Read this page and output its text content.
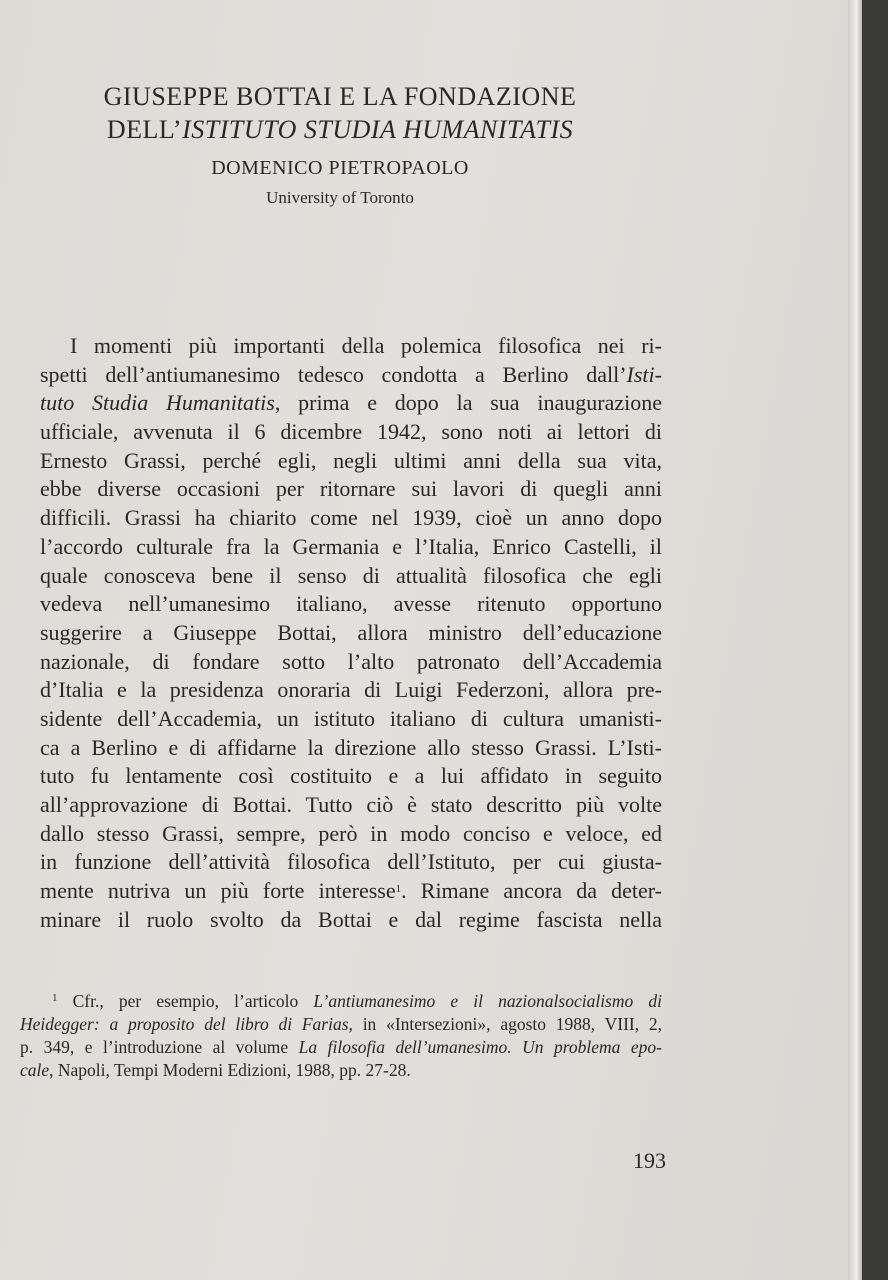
GIUSEPPE BOTTAI E LA FONDAZIONE
DELL’ISTITUTO STUDIA HUMANITATIS
DOMENICO PIETROPAOLO
University of Toronto
I momenti più importanti della polemica filosofica nei ri-
spetti dell’antiumanesimo tedesco condotta a Berlino dall’Isti-
tuto Studia Humanitatis, prima e dopo la sua inaugurazione
ufficiale, avvenuta il 6 dicembre 1942, sono noti ai lettori di
Ernesto Grassi, perché egli, negli ultimi anni della sua vita,
ebbe diverse occasioni per ritornare sui lavori di quegli anni
difficili. Grassi ha chiarito come nel 1939, cioè un anno dopo
l’accordo culturale fra la Germania e l’Italia, Enrico Castelli, il
quale conosceva bene il senso di attualità filosofica che egli
vedeva nell’umanesimo italiano, avesse ritenuto opportuno
suggerire a Giuseppe Bottai, allora ministro dell’educazione
nazionale, di fondare sotto l’alto patronato dell’Accademia
d’Italia e la presidenza onoraria di Luigi Federzoni, allora pre-
sidente dell’Accademia, un istituto italiano di cultura umanisti-
ca a Berlino e di affidarne la direzione allo stesso Grassi. L’Isti-
tuto fu lentamente così costituito e a lui affidato in seguito
all’approvazione di Bottai. Tutto ciò è stato descritto più volte
dallo stesso Grassi, sempre, però in modo conciso e veloce, ed
in funzione dell’attività filosofica dell’Istituto, per cui giusta-
mente nutriva un più forte interesse$^1$. Rimane ancora da deter-
minare il ruolo svolto da Bottai e dal regime fascista nella
$^1$ Cfr., per esempio, l’articolo L’antiumanesimo e il nazionalsocialismo di
Heidegger: a proposito del libro di Farias, in «Intersezioni», agosto 1988, VIII, 2,
p. 349, e l’introduzione al volume La filosofia dell’umanesimo. Un problema epo-
cale, Napoli, Tempi Moderni Edizioni, 1988, pp. 27-28.
193
